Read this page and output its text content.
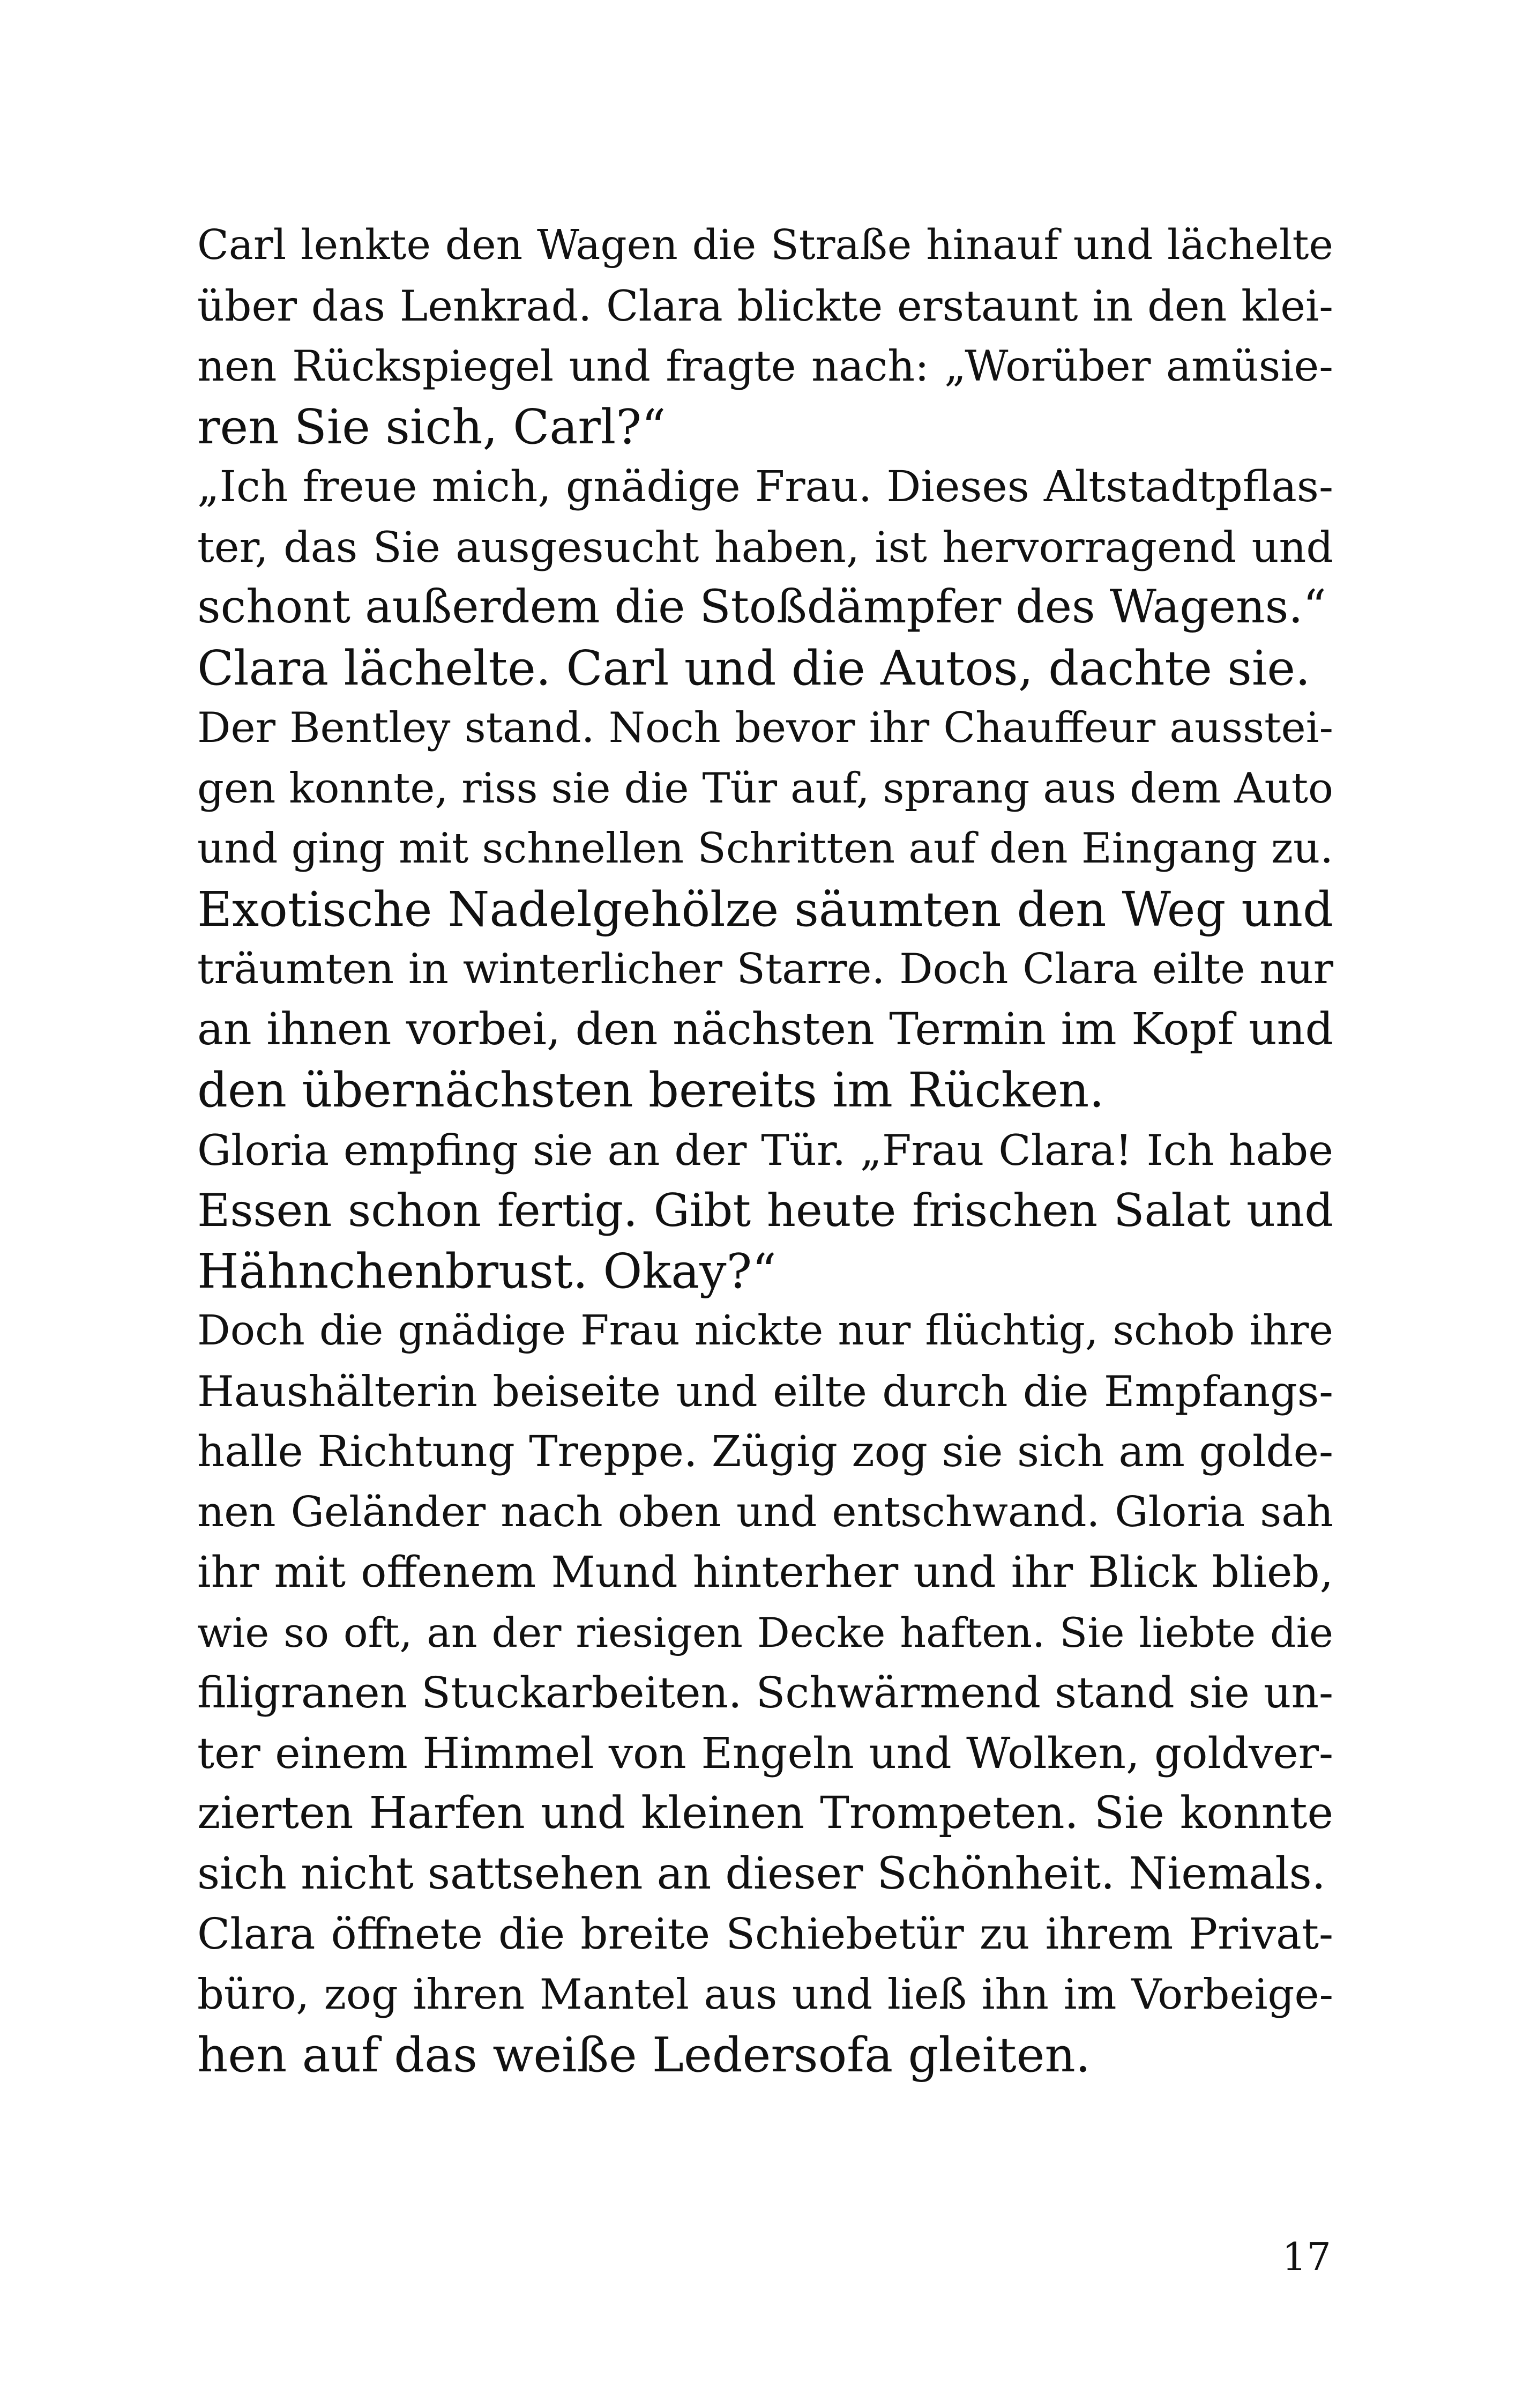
Carl lenkte den Wagen die Straße hinauf und lächelte
über das Lenkrad. Clara blickte erstaunt in den klei-
nen Rückspiegel und fragte nach: „Worüber amüsie-
ren Sie sich, Carl?“
„Ich freue mich, gnädige Frau. Dieses Altstadtpflas-
ter, das Sie ausgesucht haben, ist hervorragend und
schont außerdem die Stoßdämpfer des Wagens.“
Clara lächelte. Carl und die Autos, dachte sie.
Der Bentley stand. Noch bevor ihr Chauffeur ausstei-
gen konnte, riss sie die Tür auf, sprang aus dem Auto
und ging mit schnellen Schritten auf den Eingang zu.
Exotische Nadelgehölze säumten den Weg und
träumten in winterlicher Starre. Doch Clara eilte nur
an ihnen vorbei, den nächsten Termin im Kopf und
den übernächsten bereits im Rücken.
Gloria empfing sie an der Tür. „Frau Clara! Ich habe
Essen schon fertig. Gibt heute frischen Salat und
Hähnchenbrust. Okay?“
Doch die gnädige Frau nickte nur flüchtig, schob ihre
Haushälterin beiseite und eilte durch die Empfangs-
halle Richtung Treppe. Zügig zog sie sich am golde-
nen Geländer nach oben und entschwand. Gloria sah
ihr mit offenem Mund hinterher und ihr Blick blieb,
wie so oft, an der riesigen Decke haften. Sie liebte die
filigranen Stuckarbeiten. Schwärmend stand sie un-
ter einem Himmel von Engeln und Wolken, goldver-
zierten Harfen und kleinen Trompeten. Sie konnte
sich nicht sattsehen an dieser Schönheit. Niemals.
Clara öffnete die breite Schiebetür zu ihrem Privat-
büro, zog ihren Mantel aus und ließ ihn im Vorbeige-
hen auf das weiße Ledersofa gleiten.
17
